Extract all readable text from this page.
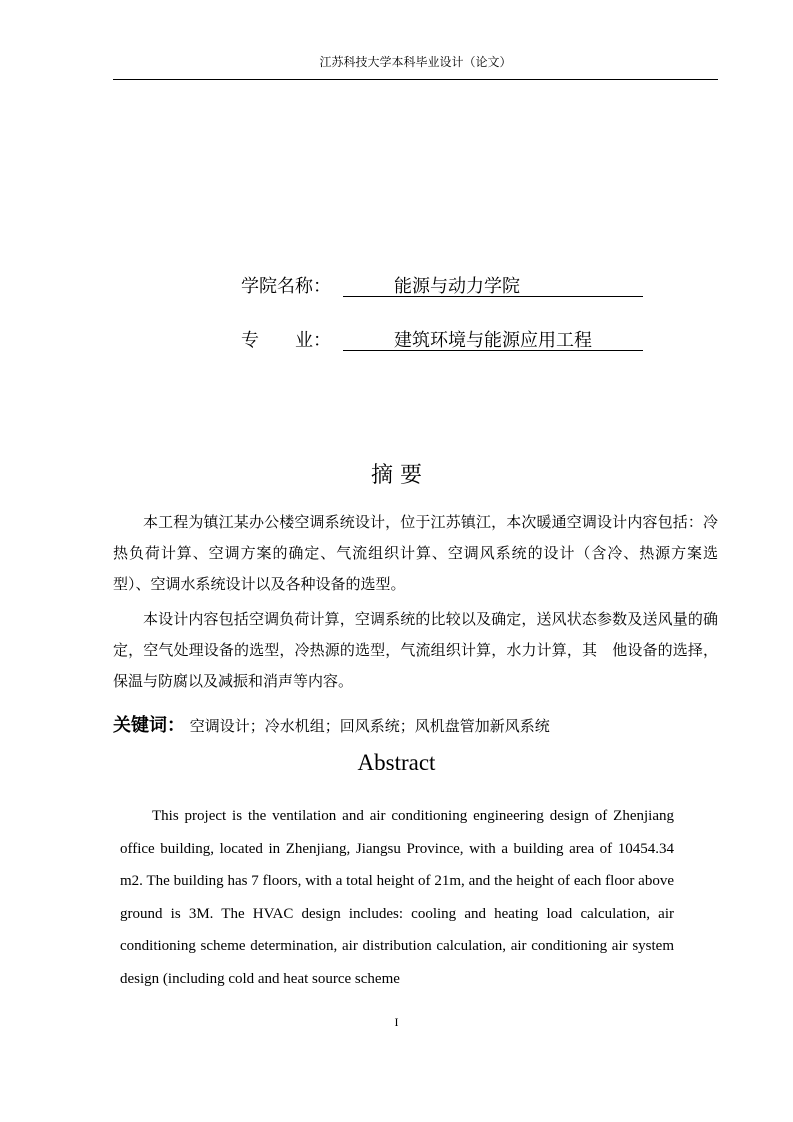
江苏科技大学本科毕业设计（论文）
学院名称：	能源与动力学院
专　　业：	建筑环境与能源应用工程
摘 要
本工程为镇江某办公楼空调系统设计，位于江苏镇江，本次暖通空调设计内容包括：冷热负荷计算、空调方案的确定、气流组织计算、空调风系统的设计（含冷、热源方案选型）、空调水系统设计以及各种设备的选型。
本设计内容包括空调负荷计算，空调系统的比较以及确定，送风状态参数及送风量的确定，空气处理设备的选型，冷热源的选型，气流组织计算，水力计算，其　他设备的选择，保温与防腐以及减振和消声等内容。
关键词： 空调设计；冷水机组；回风系统；风机盘管加新风系统
Abstract
This project is the ventilation and air conditioning engineering design of Zhenjiang office building, located in Zhenjiang, Jiangsu Province, with a building area of 10454.34 m2. The building has 7 floors, with a total height of 21m, and the height of each floor above ground is 3M. The HVAC design includes: cooling and heating load calculation, air conditioning scheme determination, air distribution calculation, air conditioning air system design (including cold and heat source scheme
I
